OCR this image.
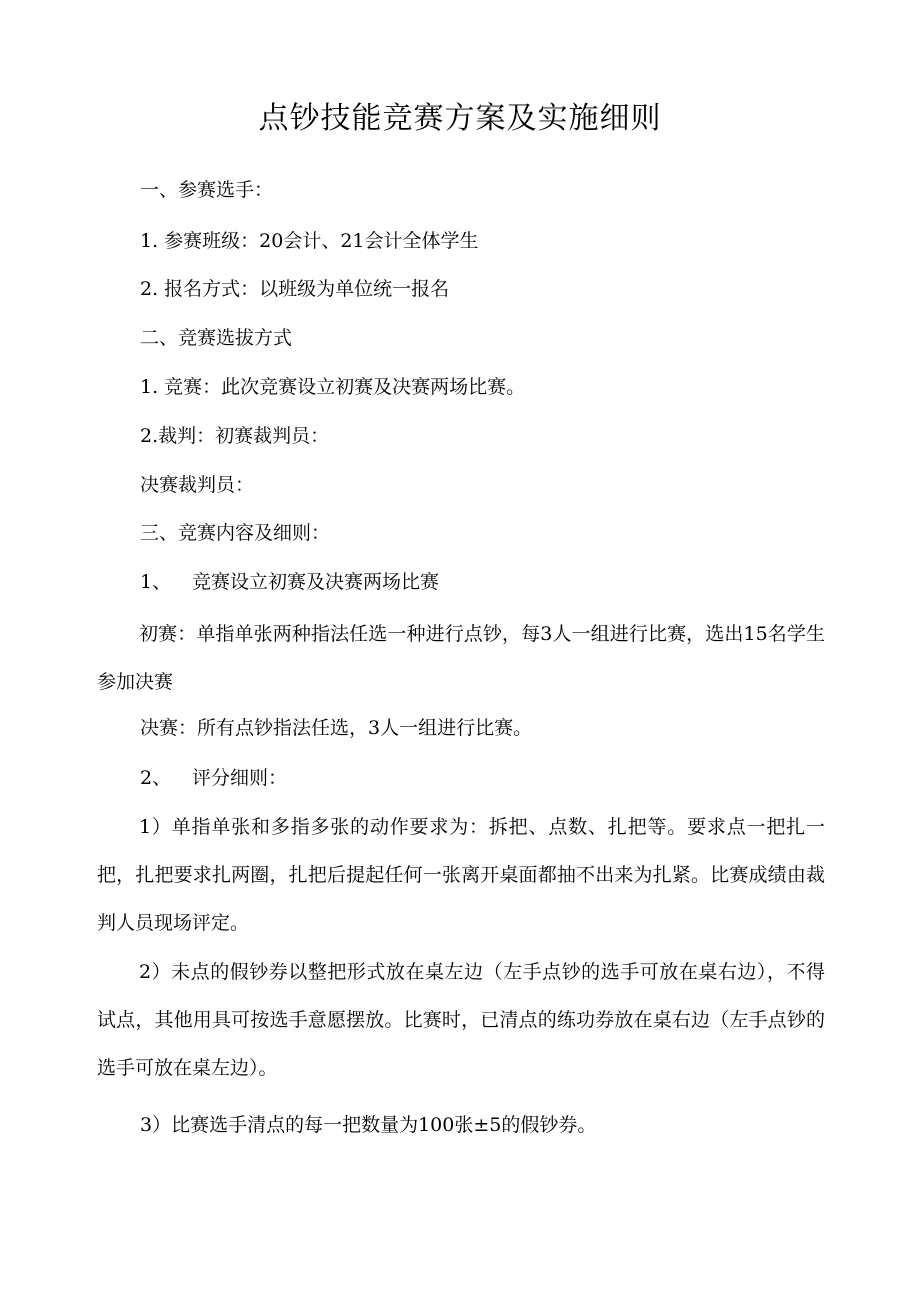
点钞技能竞赛方案及实施细则
一、参赛选手：
1. 参赛班级：20会计、21会计全体学生
2. 报名方式：以班级为单位统一报名
二、竞赛选拔方式
1. 竞赛：此次竞赛设立初赛及决赛两场比赛。
2.裁判：初赛裁判员：
决赛裁判员：
三、竞赛内容及细则：
1、 竞赛设立初赛及决赛两场比赛
初赛：单指单张两种指法任选一种进行点钞，每3人一组进行比赛，选出15名学生参加决赛
决赛：所有点钞指法任选，3人一组进行比赛。
2、 评分细则：
1）单指单张和多指多张的动作要求为：拆把、点数、扎把等。要求点一把扎一把，扎把要求扎两圈，扎把后提起任何一张离开桌面都抽不出来为扎紧。比赛成绩由裁判人员现场评定。
2）未点的假钞券以整把形式放在桌左边（左手点钞的选手可放在桌右边），不得试点，其他用具可按选手意愿摆放。比赛时，已清点的练功券放在桌右边（左手点钞的选手可放在桌左边）。
3）比赛选手清点的每一把数量为100张±5的假钞券。
